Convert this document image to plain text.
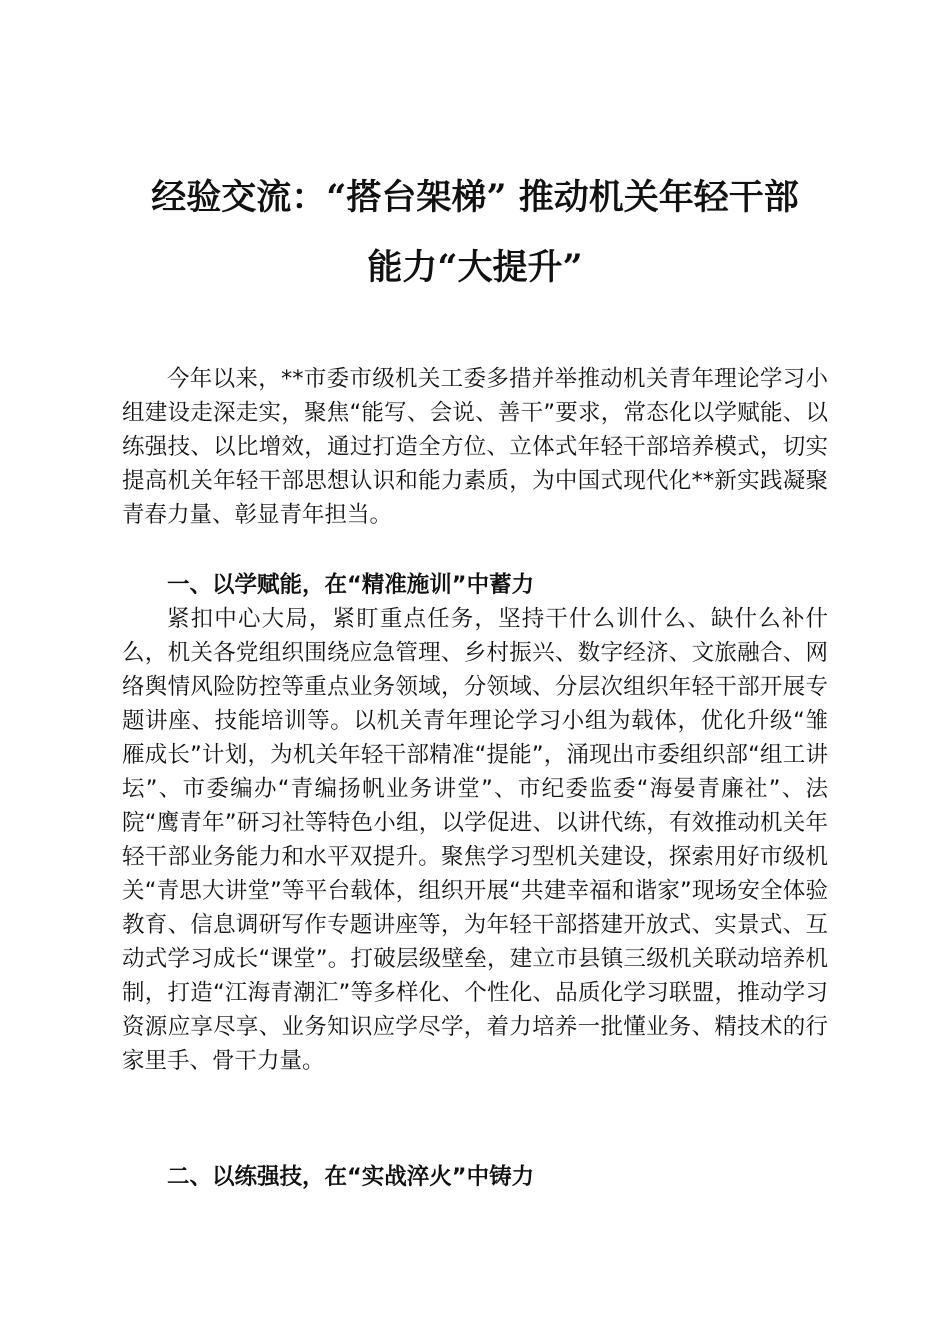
经验交流：“搭台架梯” 推动机关年轻干部
能力“大提升”

今年以来，**市委市级机关工委多措并举推动机关青年理论学习小组建设走深走实，聚焦“能写、会说、善干”要求，常态化以学赋能、以练强技、以比增效，通过打造全方位、立体式年轻干部培养模式，切实提高机关年轻干部思想认识和能力素质，为中国式现代化**新实践凝聚青春力量、彰显青年担当。

一、以学赋能，在“精准施训”中蓄力

紧扣中心大局，紧盯重点任务，坚持干什么训什么、缺什么补什么，机关各党组织围绕应急管理、乡村振兴、数字经济、文旅融合、网络舆情风险防控等重点业务领域，分领域、分层次组织年轻干部开展专题讲座、技能培训等。以机关青年理论学习小组为载体，优化升级“雏雁成长”计划，为机关年轻干部精准“提能”，涌现出市委组织部“组工讲坛”、市委编办“青编扬帆业务讲堂”、市纪委监委“海晏青廉社”、法院“鹰青年”研习社等特色小组，以学促进、以讲代练，有效推动机关年轻干部业务能力和水平双提升。聚焦学习型机关建设，探索用好市级机关“青思大讲堂”等平台载体，组织开展“共建幸福和谐家”现场安全体验教育、信息调研写作专题讲座等，为年轻干部搭建开放式、实景式、互动式学习成长“课堂”。打破层级壁垒，建立市县镇三级机关联动培养机制，打造“江海青潮汇”等多样化、个性化、品质化学习联盟，推动学习资源应享尽享、业务知识应学尽学，着力培养一批懂业务、精技术的行家里手、骨干力量。

二、以练强技，在“实战淬火”中铸力
